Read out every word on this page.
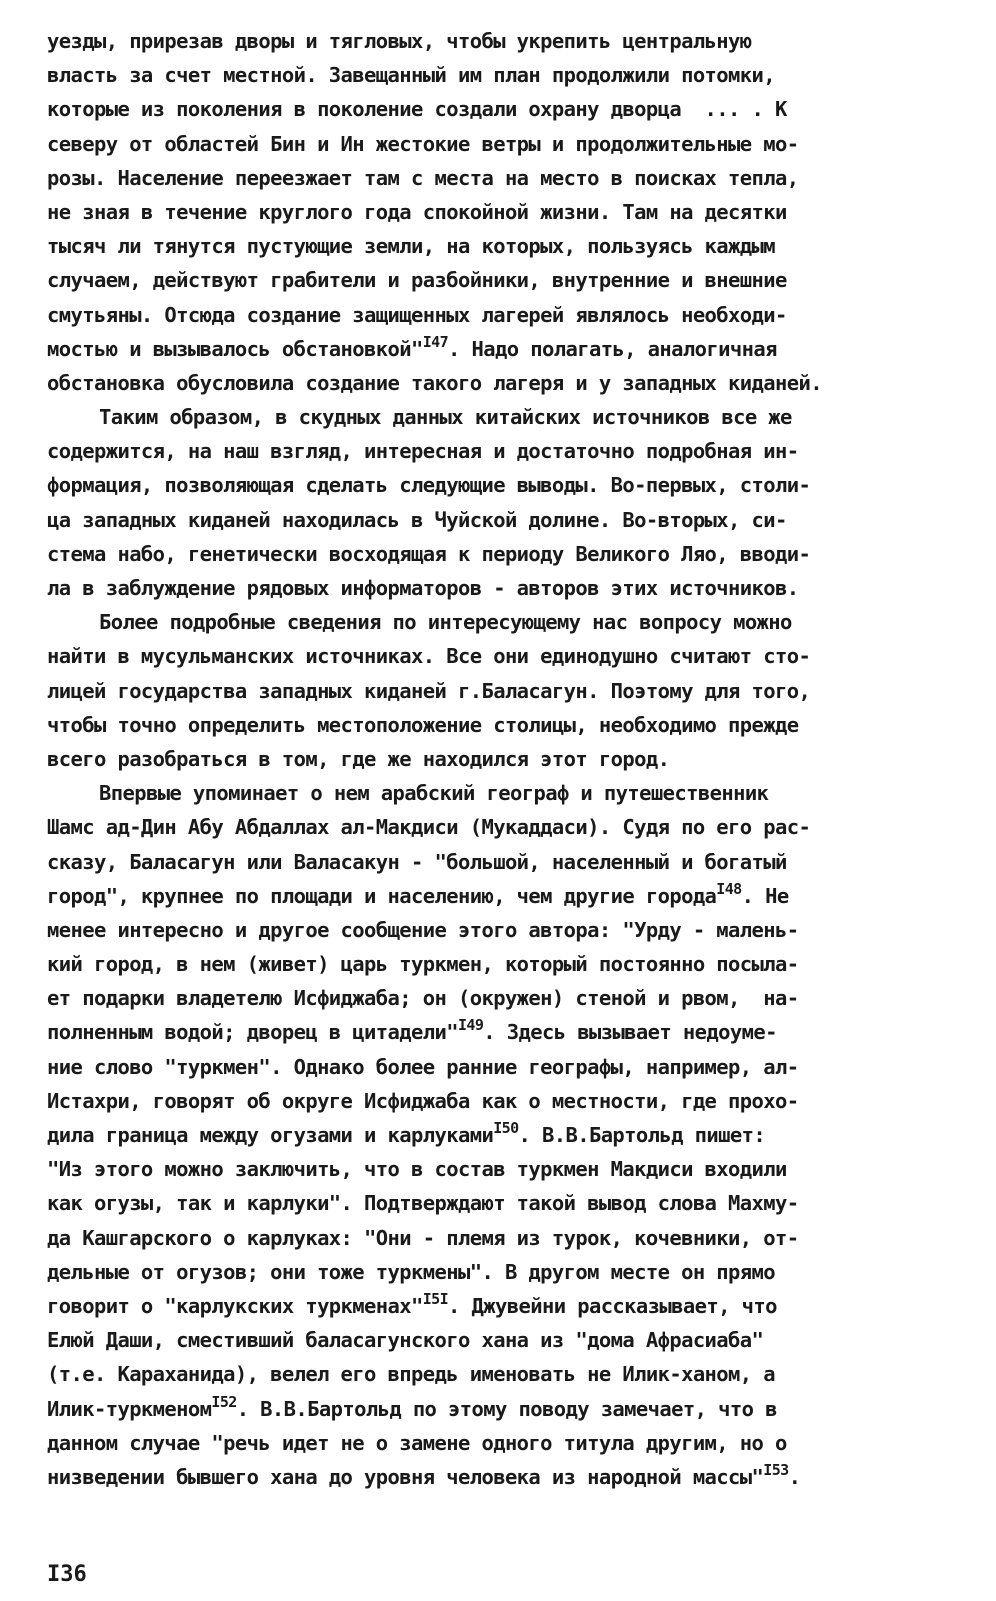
уезды, прирезав дворы и тягловых, чтобы укрепить центральную
власть за счет местной. Завещанный им план продолжили потомки,
которые из поколения в поколение создали охрану дворца  ... . К
северу от областей Бин и Ин жестокие ветры и продолжительные мо-
розы. Население переезжает там с места на место в поисках тепла,
не зная в течение круглого года спокойной жизни. Там на десятки
тысяч ли тянутся пустующие земли, на которых, пользуясь каждым
случаем, действуют грабители и разбойники, внутренние и внешние
смутьяны. Отсюда создание защищенных лагерей являлось необходи-
мостью и вызывалось обстановкой"$^{I47}$. Надо полагать, аналогичная
обстановка обусловила создание такого лагеря и у западных киданей.
Таким образом, в скудных данных китайских источников все же
содержится, на наш взгляд, интересная и достаточно подробная ин-
формация, позволяющая сделать следующие выводы. Во-первых, столи-
ца западных киданей находилась в Чуйской долине. Во-вторых, си-
стема набо, генетически восходящая к периоду Великого Ляо, вводи-
ла в заблуждение рядовых информаторов - авторов этих источников.
Более подробные сведения по интересующему нас вопросу можно
найти в мусульманских источниках. Все они единодушно считают сто-
лицей государства западных киданей г.Баласагун. Поэтому для того,
чтобы точно определить местоположение столицы, необходимо прежде
всего разобраться в том, где же находился этот город.
Впервые упоминает о нем арабский географ и путешественник
Шамс ад-Дин Абу Абдаллах ал-Макдиси (Мукаддаси). Судя по его рас-
сказу, Баласагун или Валасакун - "большой, населенный и богатый
город", крупнее по площади и населению, чем другие города$^{I48}$. Не
менее интересно и другое сообщение этого автора: "Урду - малень-
кий город, в нем (живет) царь туркмен, который постоянно посыла-
ет подарки владетелю Исфиджаба; он (окружен) стеной и рвом,  на-
полненным водой; дворец в цитадели"$^{I49}$. Здесь вызывает недоуме-
ние слово "туркмен". Однако более ранние географы, например, ал-
Истахри, говорят об округе Исфиджаба как о местности, где прохо-
дила граница между огузами и карлуками$^{I50}$. В.В.Бартольд пишет:
"Из этого можно заключить, что в состав туркмен Макдиси входили
как огузы, так и карлуки". Подтверждают такой вывод слова Махму-
да Кашгарского о карлуках: "Они - племя из турок, кочевники, от-
дельные от огузов; они тоже туркмены". В другом месте он прямо
говорит о "карлукских туркменах"$^{I5I}$. Джувейни рассказывает, что
Елюй Даши, сместивший баласагунского хана из "дома Афрасиаба"
(т.е. Караханида), велел его впредь именовать не Илик-ханом, а
Илик-туркменом$^{I52}$. В.В.Бартольд по этому поводу замечает, что в
данном случае "речь идет не о замене одного титула другим, но о
низведении бывшего хана до уровня человека из народной массы"$^{I53}$.
I36
